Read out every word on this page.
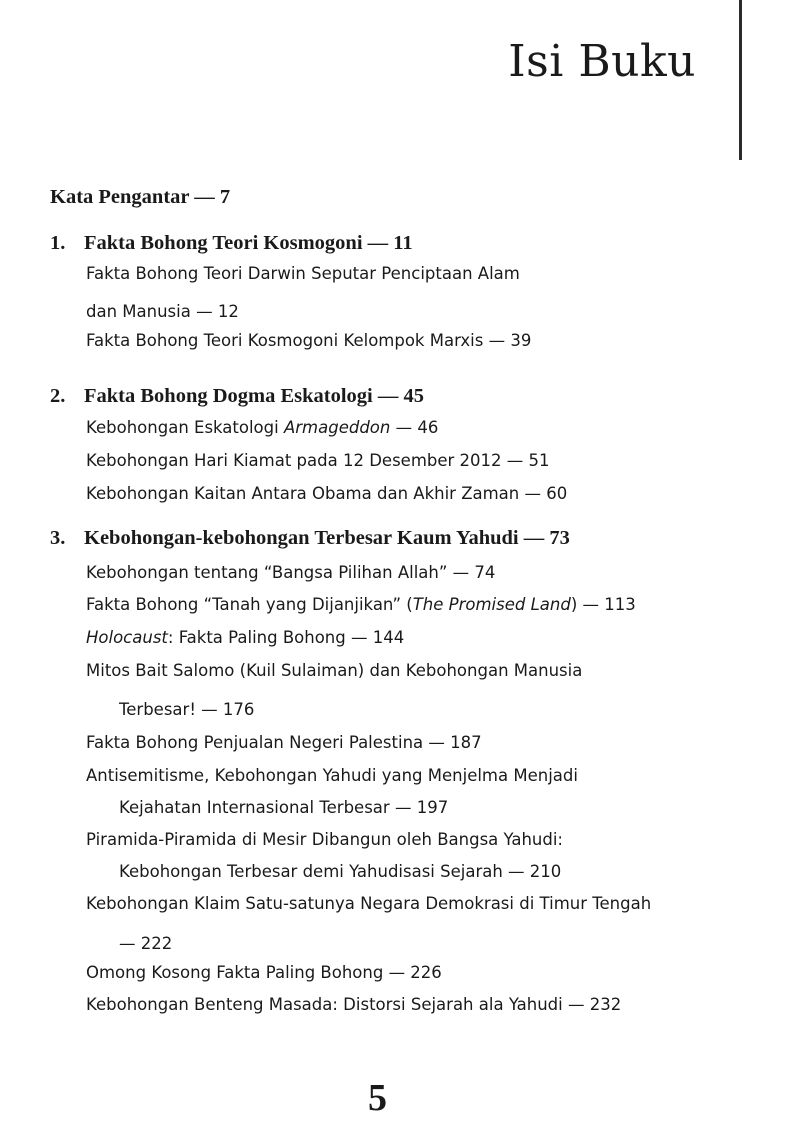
Isi Buku
Kata Pengantar — 7
1. Fakta Bohong Teori Kosmogoni — 11
Fakta Bohong Teori Darwin Seputar Penciptaan Alam
dan Manusia — 12
Fakta Bohong Teori Kosmogoni Kelompok Marxis — 39
2. Fakta Bohong Dogma Eskatologi — 45
Kebohongan Eskatologi Armageddon — 46
Kebohongan Hari Kiamat pada 12 Desember 2012 — 51
Kebohongan Kaitan Antara Obama dan Akhir Zaman — 60
3. Kebohongan-kebohongan Terbesar Kaum Yahudi — 73
Kebohongan tentang “Bangsa Pilihan Allah” — 74
Fakta Bohong “Tanah yang Dijanjikan” (The Promised Land) — 113
Holocaust: Fakta Paling Bohong — 144
Mitos Bait Salomo (Kuil Sulaiman) dan Kebohongan Manusia
Terbesar! — 176
Fakta Bohong Penjualan Negeri Palestina — 187
Antisemitisme, Kebohongan Yahudi yang Menjelma Menjadi
Kejahatan Internasional Terbesar — 197
Piramida-Piramida di Mesir Dibangun oleh Bangsa Yahudi:
Kebohongan Terbesar demi Yahudisasi Sejarah — 210
Kebohongan Klaim Satu-satunya Negara Demokrasi di Timur Tengah
— 222
Omong Kosong Fakta Paling Bohong — 226
Kebohongan Benteng Masada: Distorsi Sejarah ala Yahudi — 232
5
